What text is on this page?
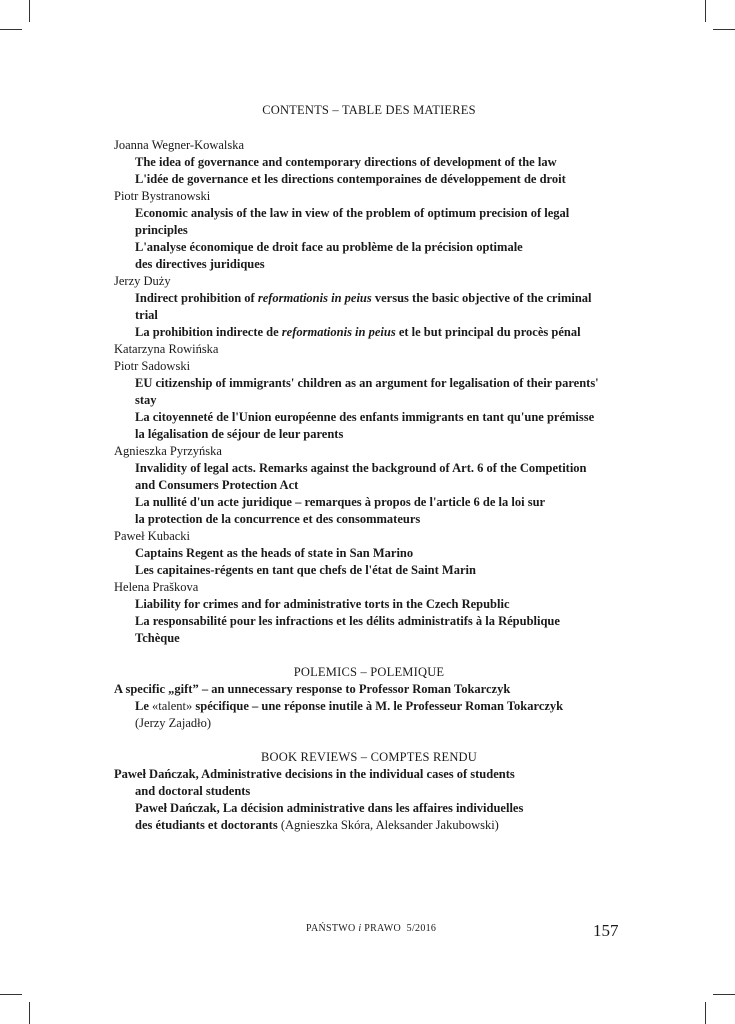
CONTENTS – TABLE DES MATIERES
Joanna Wegner-Kowalska
The idea of governance and contemporary directions of development of the law
L'idée de governance et les directions contemporaines de développement de droit
Piotr Bystranowski
Economic analysis of the law in view of the problem of optimum precision of legal
principles
L'analyse économique de droit face au problème de la précision optimale
des directives juridiques
Jerzy Duży
Indirect prohibition of reformationis in peius versus the basic objective of the criminal
trial
La prohibition indirecte de reformationis in peius et le but principal du procès pénal
Katarzyna Rowińska
Piotr Sadowski
EU citizenship of immigrants' children as an argument for legalisation of their parents'
stay
La citoyenneté de l'Union européenne des enfants immigrants en tant qu'une prémisse
la légalisation de séjour de leur parents
Agnieszka Pyrzyńska
Invalidity of legal acts. Remarks against the background of Art. 6 of the Competition
and Consumers Protection Act
La nullité d'un acte juridique – remarques à propos de l'article 6 de la loi sur
la protection de la concurrence et des consommateurs
Paweł Kubacki
Captains Regent as the heads of state in San Marino
Les capitaines-régents en tant que chefs de l'état de Saint Marin
Helena Praškova
Liability for crimes and for administrative torts in the Czech Republic
La responsabilité pour les infractions et les délits administratifs à la République
Tchèque
POLEMICS – POLEMIQUE
A specific „gift” – an unnecessary response to Professor Roman Tokarczyk
Le «talent» spécifique – une réponse inutile à M. le Professeur Roman Tokarczyk
(Jerzy Zajadło)
BOOK REVIEWS – COMPTES RENDU
Paweł Dańczak, Administrative decisions in the individual cases of students
and doctoral students
Paweł Dańczak, La décision administrative dans les affaires individuelles
des étudiants et doctorants (Agnieszka Skóra, Aleksander Jakubowski)
PAŃSTWO i PRAWO 5/2016	157
